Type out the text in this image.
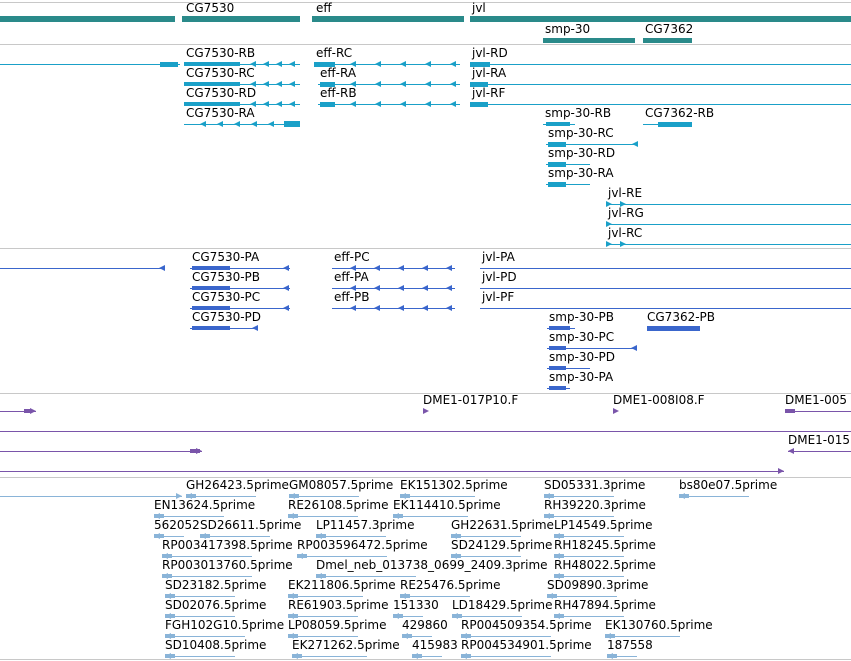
CG7530	eff	jvl
smp-30	CG7362
CG7530-RB	eff-RC	jvl-RD
CG7530-RC	eff-RA	jvl-RA
CG7530-RD	eff-RB	jvl-RF
CG7530-RA	smp-30-RB	CG7362-RB
smp-30-RC
smp-30-RD
smp-30-RA
jvl-RE
jvl-RG
jvl-RC
CG7530-PA	eff-PC	jvl-PA
CG7530-PB	eff-PA	jvl-PD
CG7530-PC	eff-PB	jvl-PF
CG7530-PD	smp-30-PB	CG7362-PB
smp-30-PC
smp-30-PD
smp-30-PA
DME1-017P10.F	DME1-008I08.F	DME1-005
DME1-015
GH26423.5prime GM08057.5prime EK151302.5prime	SD05331.3prime	bs80e07.5prime
EN13624.5prime	RE26108.5prime EK114410.5prime	RH39220.3prime
562052 SD26611.5prime LP11457.3prime	GH22631.5prime LP14549.5prime
RP003417398.5prime RP003596472.5prime SD24129.5prime RH18245.5prime
RP003013760.5prime Dmel_neb_013738_0699_2409.3prime RH48022.5prime
SD23182.5prime EK211806.5prime RE25476.5prime	SD09890.3prime
SD02076.5prime RE61903.5prime 151330 LD18429.5prime RH47894.5prime
FGH102G10.5prime LP08059.5prime 429860 RP004509354.5prime EK130760.5prime
SD10408.5prime EK271262.5prime 415983 RP004534901.5prime 187558
